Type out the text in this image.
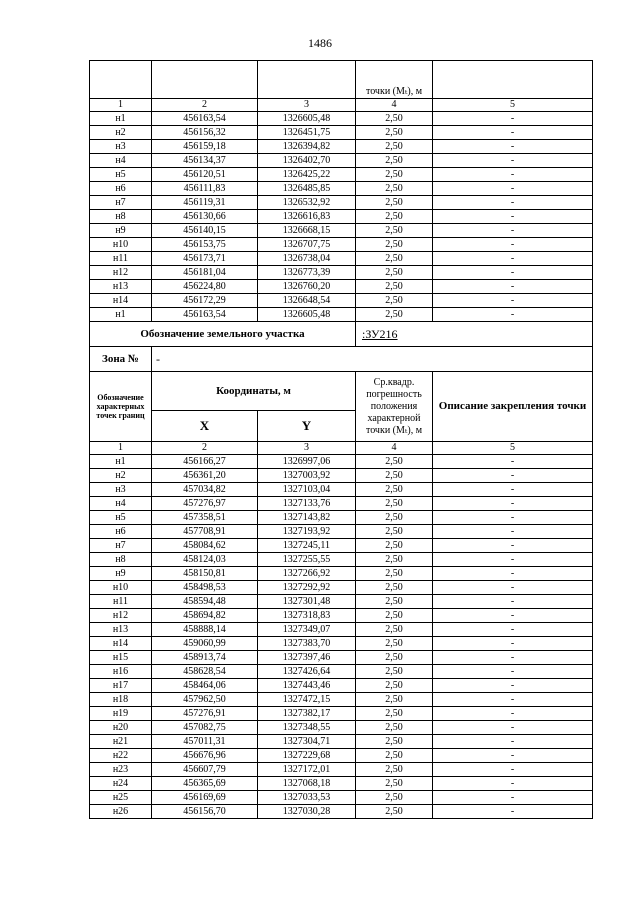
1486
			точки (Mₜ), м	
1	2	3	4	5
н1	456163,54	1326605,48	2,50	-
н2	456156,32	1326451,75	2,50	-
н3	456159,18	1326394,82	2,50	-
н4	456134,37	1326402,70	2,50	-
н5	456120,51	1326425,22	2,50	-
н6	456111,83	1326485,85	2,50	-
н7	456119,31	1326532,92	2,50	-
н8	456130,66	1326616,83	2,50	-
н9	456140,15	1326668,15	2,50	-
н10	456153,75	1326707,75	2,50	-
н11	456173,71	1326738,04	2,50	-
н12	456181,04	1326773,39	2,50	-
н13	456224,80	1326760,20	2,50	-
н14	456172,29	1326648,54	2,50	-
н1	456163,54	1326605,48	2,50	-
Обозначение земельного участка			:ЗУ216	
Зона №	-			
Обозначение характерных точек границ	Координаты, м		Ср.квадр. погрешность положения характерной точки (Mₜ), м	Описание закрепления точки
	X	Y		
1	2	3	4	5
н1	456166,27	1326997,06	2,50	-
н2	456361,20	1327003,92	2,50	-
н3	457034,82	1327103,04	2,50	-
н4	457276,97	1327133,76	2,50	-
н5	457358,51	1327143,82	2,50	-
н6	457708,91	1327193,92	2,50	-
н7	458084,62	1327245,11	2,50	-
н8	458124,03	1327255,55	2,50	-
н9	458150,81	1327266,92	2,50	-
н10	458498,53	1327292,92	2,50	-
н11	458594,48	1327301,48	2,50	-
н12	458694,82	1327318,83	2,50	-
н13	458888,14	1327349,07	2,50	-
н14	459060,99	1327383,70	2,50	-
н15	458913,74	1327397,46	2,50	-
н16	458628,54	1327426,64	2,50	-
н17	458464,06	1327443,46	2,50	-
н18	457962,50	1327472,15	2,50	-
н19	457276,91	1327382,17	2,50	-
н20	457082,75	1327348,55	2,50	-
н21	457011,31	1327304,71	2,50	-
н22	456676,96	1327229,68	2,50	-
н23	456607,79	1327172,01	2,50	-
н24	456365,69	1327068,18	2,50	-
н25	456169,69	1327033,53	2,50	-
н26	456156,70	1327030,28	2,50	-
